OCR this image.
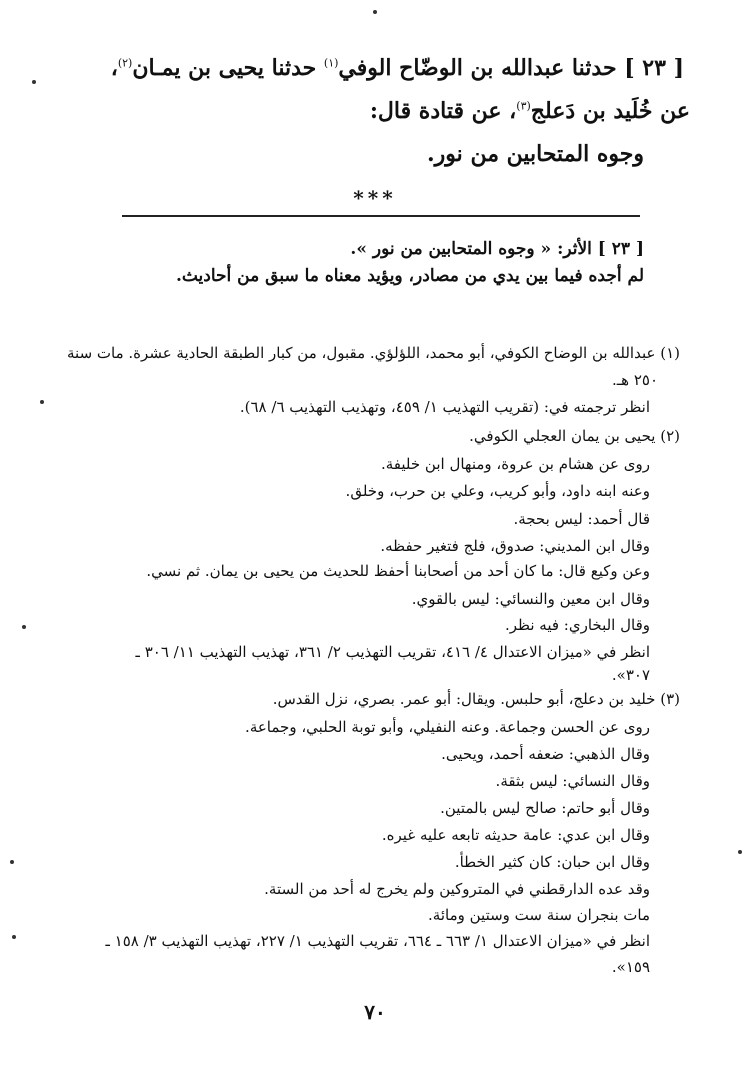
[ ٢٣ ] حدثنا عبدالله بن الوضّاح الوفي$^{(١)}$ حدثنا يحيى بن يمـان$^{(٢)}$،
عن خُلَيد بن دَعلج$^{(٣)}$، عن قتادة قال:
وجوه المتحابين من نور.
***
[ ٢٣ ] الأثر: « وجوه المتحابين من نور ».
لم أجده فيما بين يدي من مصادر، ويؤيد معناه ما سبق من أحاديث.
(١) عبدالله بن الوضاح الكوفي، أبو محمد، اللؤلؤي. مقبول، من كبار الطبقة الحادية عشرة. مات سنة
٢٥٠ هـ.
انظر ترجمته في: (تقريب التهذيب ١/ ٤٥٩، وتهذيب التهذيب ٦/ ٦٨).
(٢) يحيى بن يمان العجلي الكوفي.
روى عن هشام بن عروة، ومنهال ابن خليفة.
وعنه ابنه داود، وأبو كريب، وعلي بن حرب، وخلق.
قال أحمد: ليس بحجة.
وقال ابن المديني: صدوق، فلج فتغير حفظه.
وعن وكيع قال: ما كان أحد من أصحابنا أحفظ للحديث من يحيى بن يمان. ثم نسي.
وقال ابن معين والنسائي: ليس بالقوي.
وقال البخاري: فيه نظر.
انظر في «ميزان الاعتدال ٤/ ٤١٦، تقريب التهذيب ٢/ ٣٦١، تهذيب التهذيب ١١/ ٣٠٦ ـ
٣٠٧».
(٣) خليد بن دعلج، أبو حلبس. ويقال: أبو عمر. بصري، نزل القدس.
روى عن الحسن وجماعة. وعنه النفيلي، وأبو توبة الحلبي، وجماعة.
وقال الذهبي: ضعفه أحمد، ويحيى.
وقال النسائي: ليس بثقة.
وقال أبو حاتم: صالح ليس بالمتين.
وقال ابن عدي: عامة حديثه تابعه عليه غيره.
وقال ابن حبان: كان كثير الخطأ.
وقد عده الدارقطني في المتروكين ولم يخرج له أحد من الستة.
مات بنجران سنة ست وستين ومائة.
انظر في «ميزان الاعتدال ١/ ٦٦٣ ـ ٦٦٤، تقريب التهذيب ١/ ٢٢٧، تهذيب التهذيب ٣/ ١٥٨ ـ
١٥٩».
٧٠
